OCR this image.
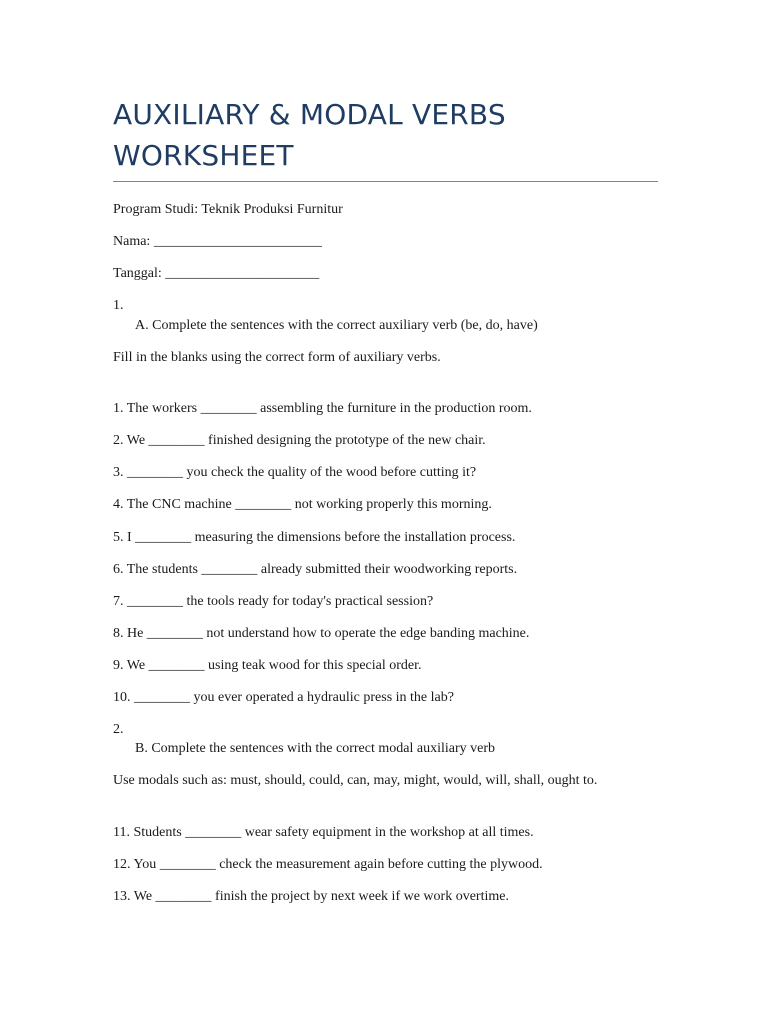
AUXILIARY & MODAL VERBS
WORKSHEET
Program Studi: Teknik Produksi Furnitur
Nama: ________________________
Tanggal: ______________________
1.
A. Complete the sentences with the correct auxiliary verb (be, do, have)
Fill in the blanks using the correct form of auxiliary verbs.
1. The workers ________ assembling the furniture in the production room.
2. We ________ finished designing the prototype of the new chair.
3. ________ you check the quality of the wood before cutting it?
4. The CNC machine ________ not working properly this morning.
5. I ________ measuring the dimensions before the installation process.
6. The students ________ already submitted their woodworking reports.
7. ________ the tools ready for today's practical session?
8. He ________ not understand how to operate the edge banding machine.
9. We ________ using teak wood for this special order.
10. ________ you ever operated a hydraulic press in the lab?
2.
B. Complete the sentences with the correct modal auxiliary verb
Use modals such as: must, should, could, can, may, might, would, will, shall, ought to.
11. Students ________ wear safety equipment in the workshop at all times.
12. You ________ check the measurement again before cutting the plywood.
13. We ________ finish the project by next week if we work overtime.
